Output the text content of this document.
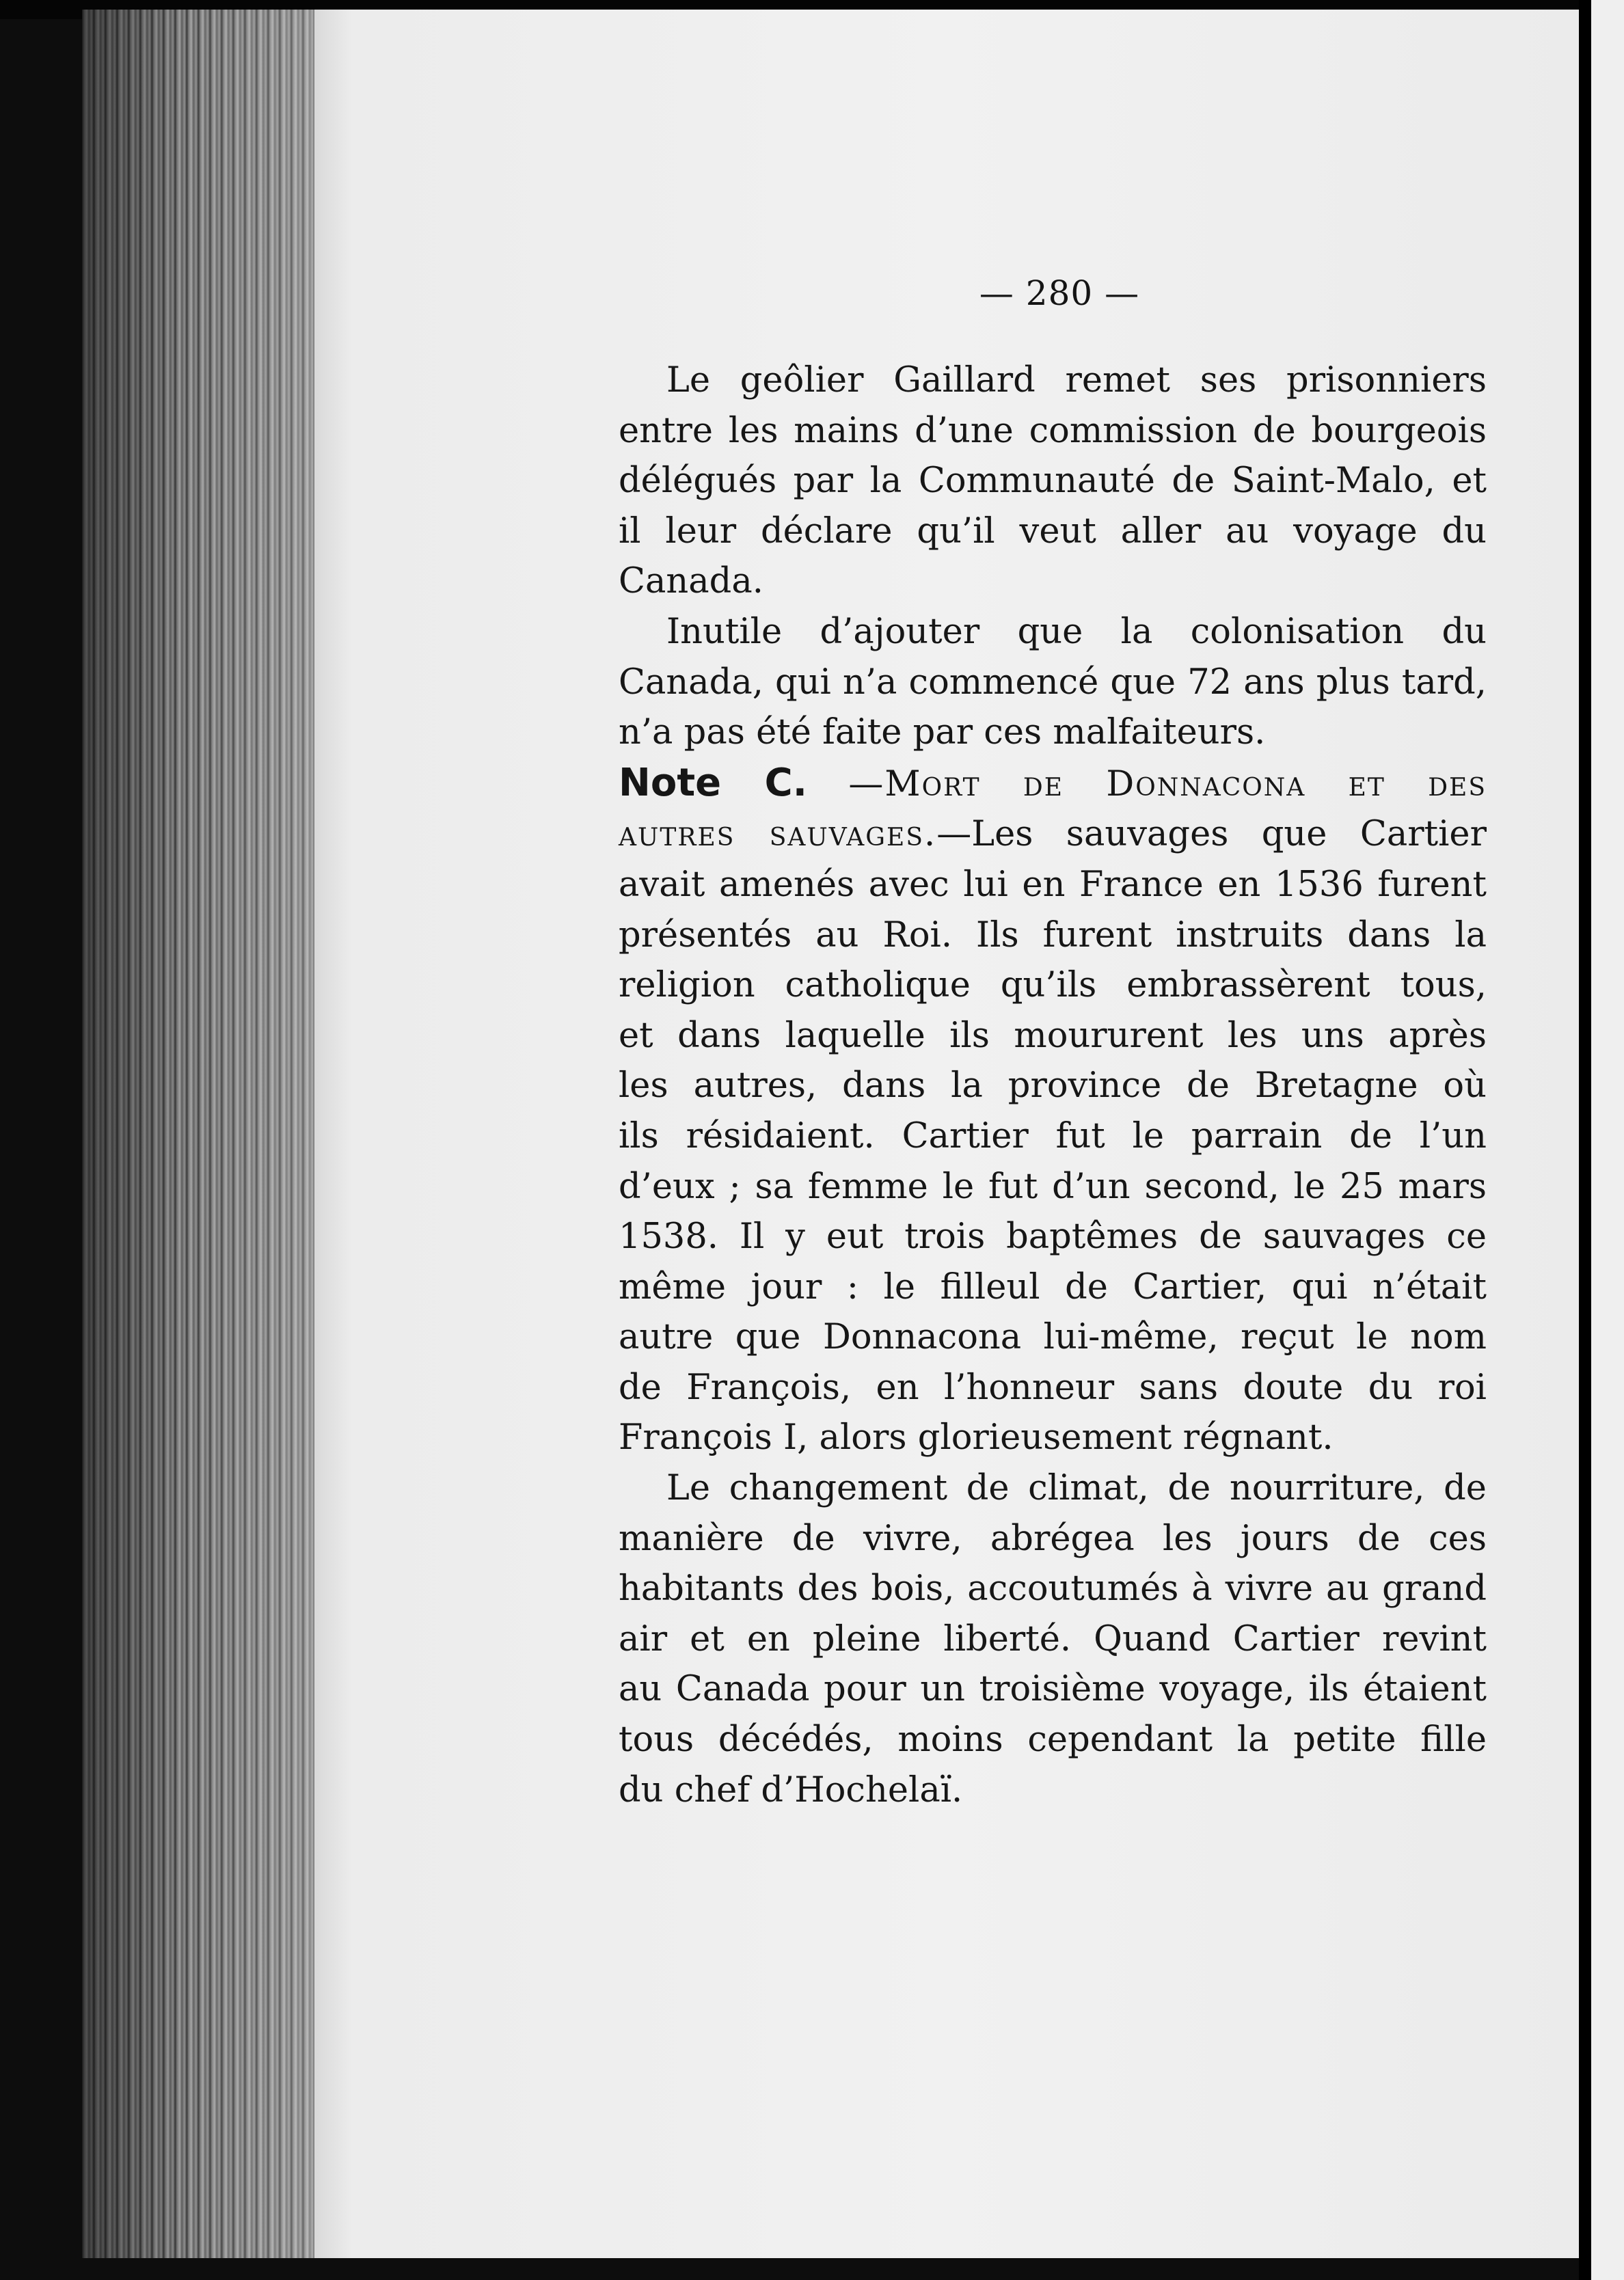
— 280 —

Le geôlier Gaillard remet ses prisonniers
entre les mains d’une commission de bourgeois
délégués par la Communauté de Saint-Malo, et
il leur déclare qu’il veut aller au voyage du
Canada.

Inutile d’ajouter que la colonisation du
Canada, qui n’a commencé que 72 ans plus tard,
n’a pas été faite par ces malfaiteurs.

Note C. —Mort de Donnacona et des
autres sauvages.—Les sauvages que Cartier
avait amenés avec lui en France en 1536 furent
présentés au Roi. Ils furent instruits dans la
religion catholique qu’ils embrassèrent tous,
et dans laquelle ils moururent les uns après
les autres, dans la province de Bretagne où
ils résidaient. Cartier fut le parrain de l’un
d’eux ; sa femme le fut d’un second, le 25 mars
1538. Il y eut trois baptêmes de sauvages ce
même jour : le filleul de Cartier, qui n’était
autre que Donnacona lui-même, reçut le nom
de François, en l’honneur sans doute du roi
François I, alors glorieusement régnant.

Le changement de climat, de nourriture, de
manière de vivre, abrégea les jours de ces
habitants des bois, accoutumés à vivre au grand
air et en pleine liberté. Quand Cartier revint
au Canada pour un troisième voyage, ils étaient
tous décédés, moins cependant la petite fille
du chef d’Hochelaï.
